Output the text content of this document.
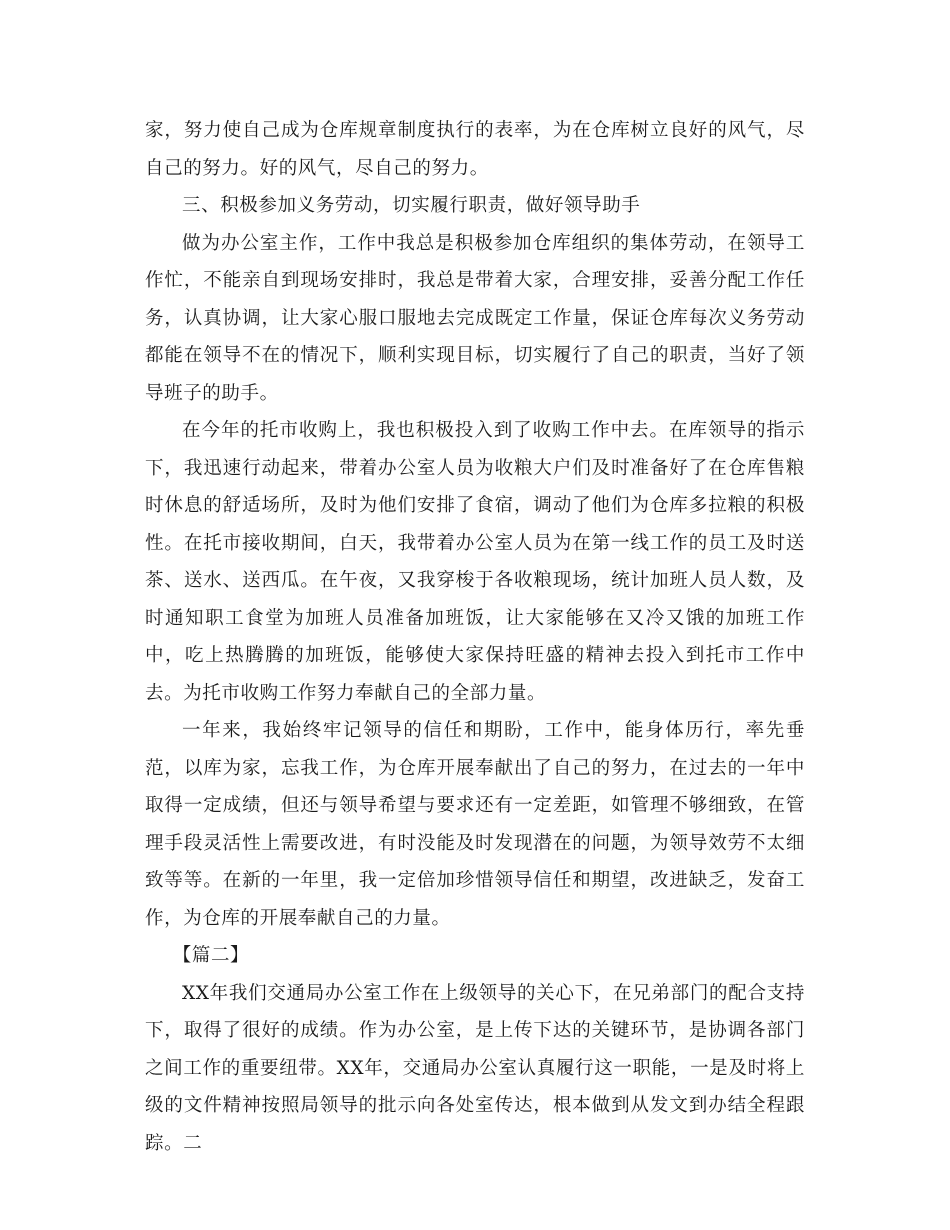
家，努力使自己成为仓库规章制度执行的表率，为在仓库树立良好的风气，尽自己的努力。好的风气，尽自己的努力。

三、积极参加义务劳动，切实履行职责，做好领导助手

做为办公室主作，工作中我总是积极参加仓库组织的集体劳动，在领导工作忙，不能亲自到现场安排时，我总是带着大家，合理安排，妥善分配工作任务，认真协调，让大家心服口服地去完成既定工作量，保证仓库每次义务劳动都能在领导不在的情况下，顺利实现目标，切实履行了自己的职责，当好了领导班子的助手。

在今年的托市收购上，我也积极投入到了收购工作中去。在库领导的指示下，我迅速行动起来，带着办公室人员为收粮大户们及时准备好了在仓库售粮时休息的舒适场所，及时为他们安排了食宿，调动了他们为仓库多拉粮的积极性。在托市接收期间，白天，我带着办公室人员为在第一线工作的员工及时送茶、送水、送西瓜。在午夜，又我穿梭于各收粮现场，统计加班人员人数，及时通知职工食堂为加班人员准备加班饭，让大家能够在又冷又饿的加班工作中，吃上热腾腾的加班饭，能够使大家保持旺盛的精神去投入到托市工作中去。为托市收购工作努力奉献自己的全部力量。

一年来，我始终牢记领导的信任和期盼，工作中，能身体历行，率先垂范，以库为家，忘我工作，为仓库开展奉献出了自己的努力，在过去的一年中取得一定成绩，但还与领导希望与要求还有一定差距，如管理不够细致，在管理手段灵活性上需要改进，有时没能及时发现潜在的问题，为领导效劳不太细致等等。在新的一年里，我一定倍加珍惜领导信任和期望，改进缺乏，发奋工作，为仓库的开展奉献自己的力量。

【篇二】

XX年我们交通局办公室工作在上级领导的关心下，在兄弟部门的配合支持下，取得了很好的成绩。作为办公室，是上传下达的关键环节，是协调各部门之间工作的重要纽带。XX年，交通局办公室认真履行这一职能，一是及时将上级的文件精神按照局领导的批示向各处室传达，根本做到从发文到办结全程跟踪。二
